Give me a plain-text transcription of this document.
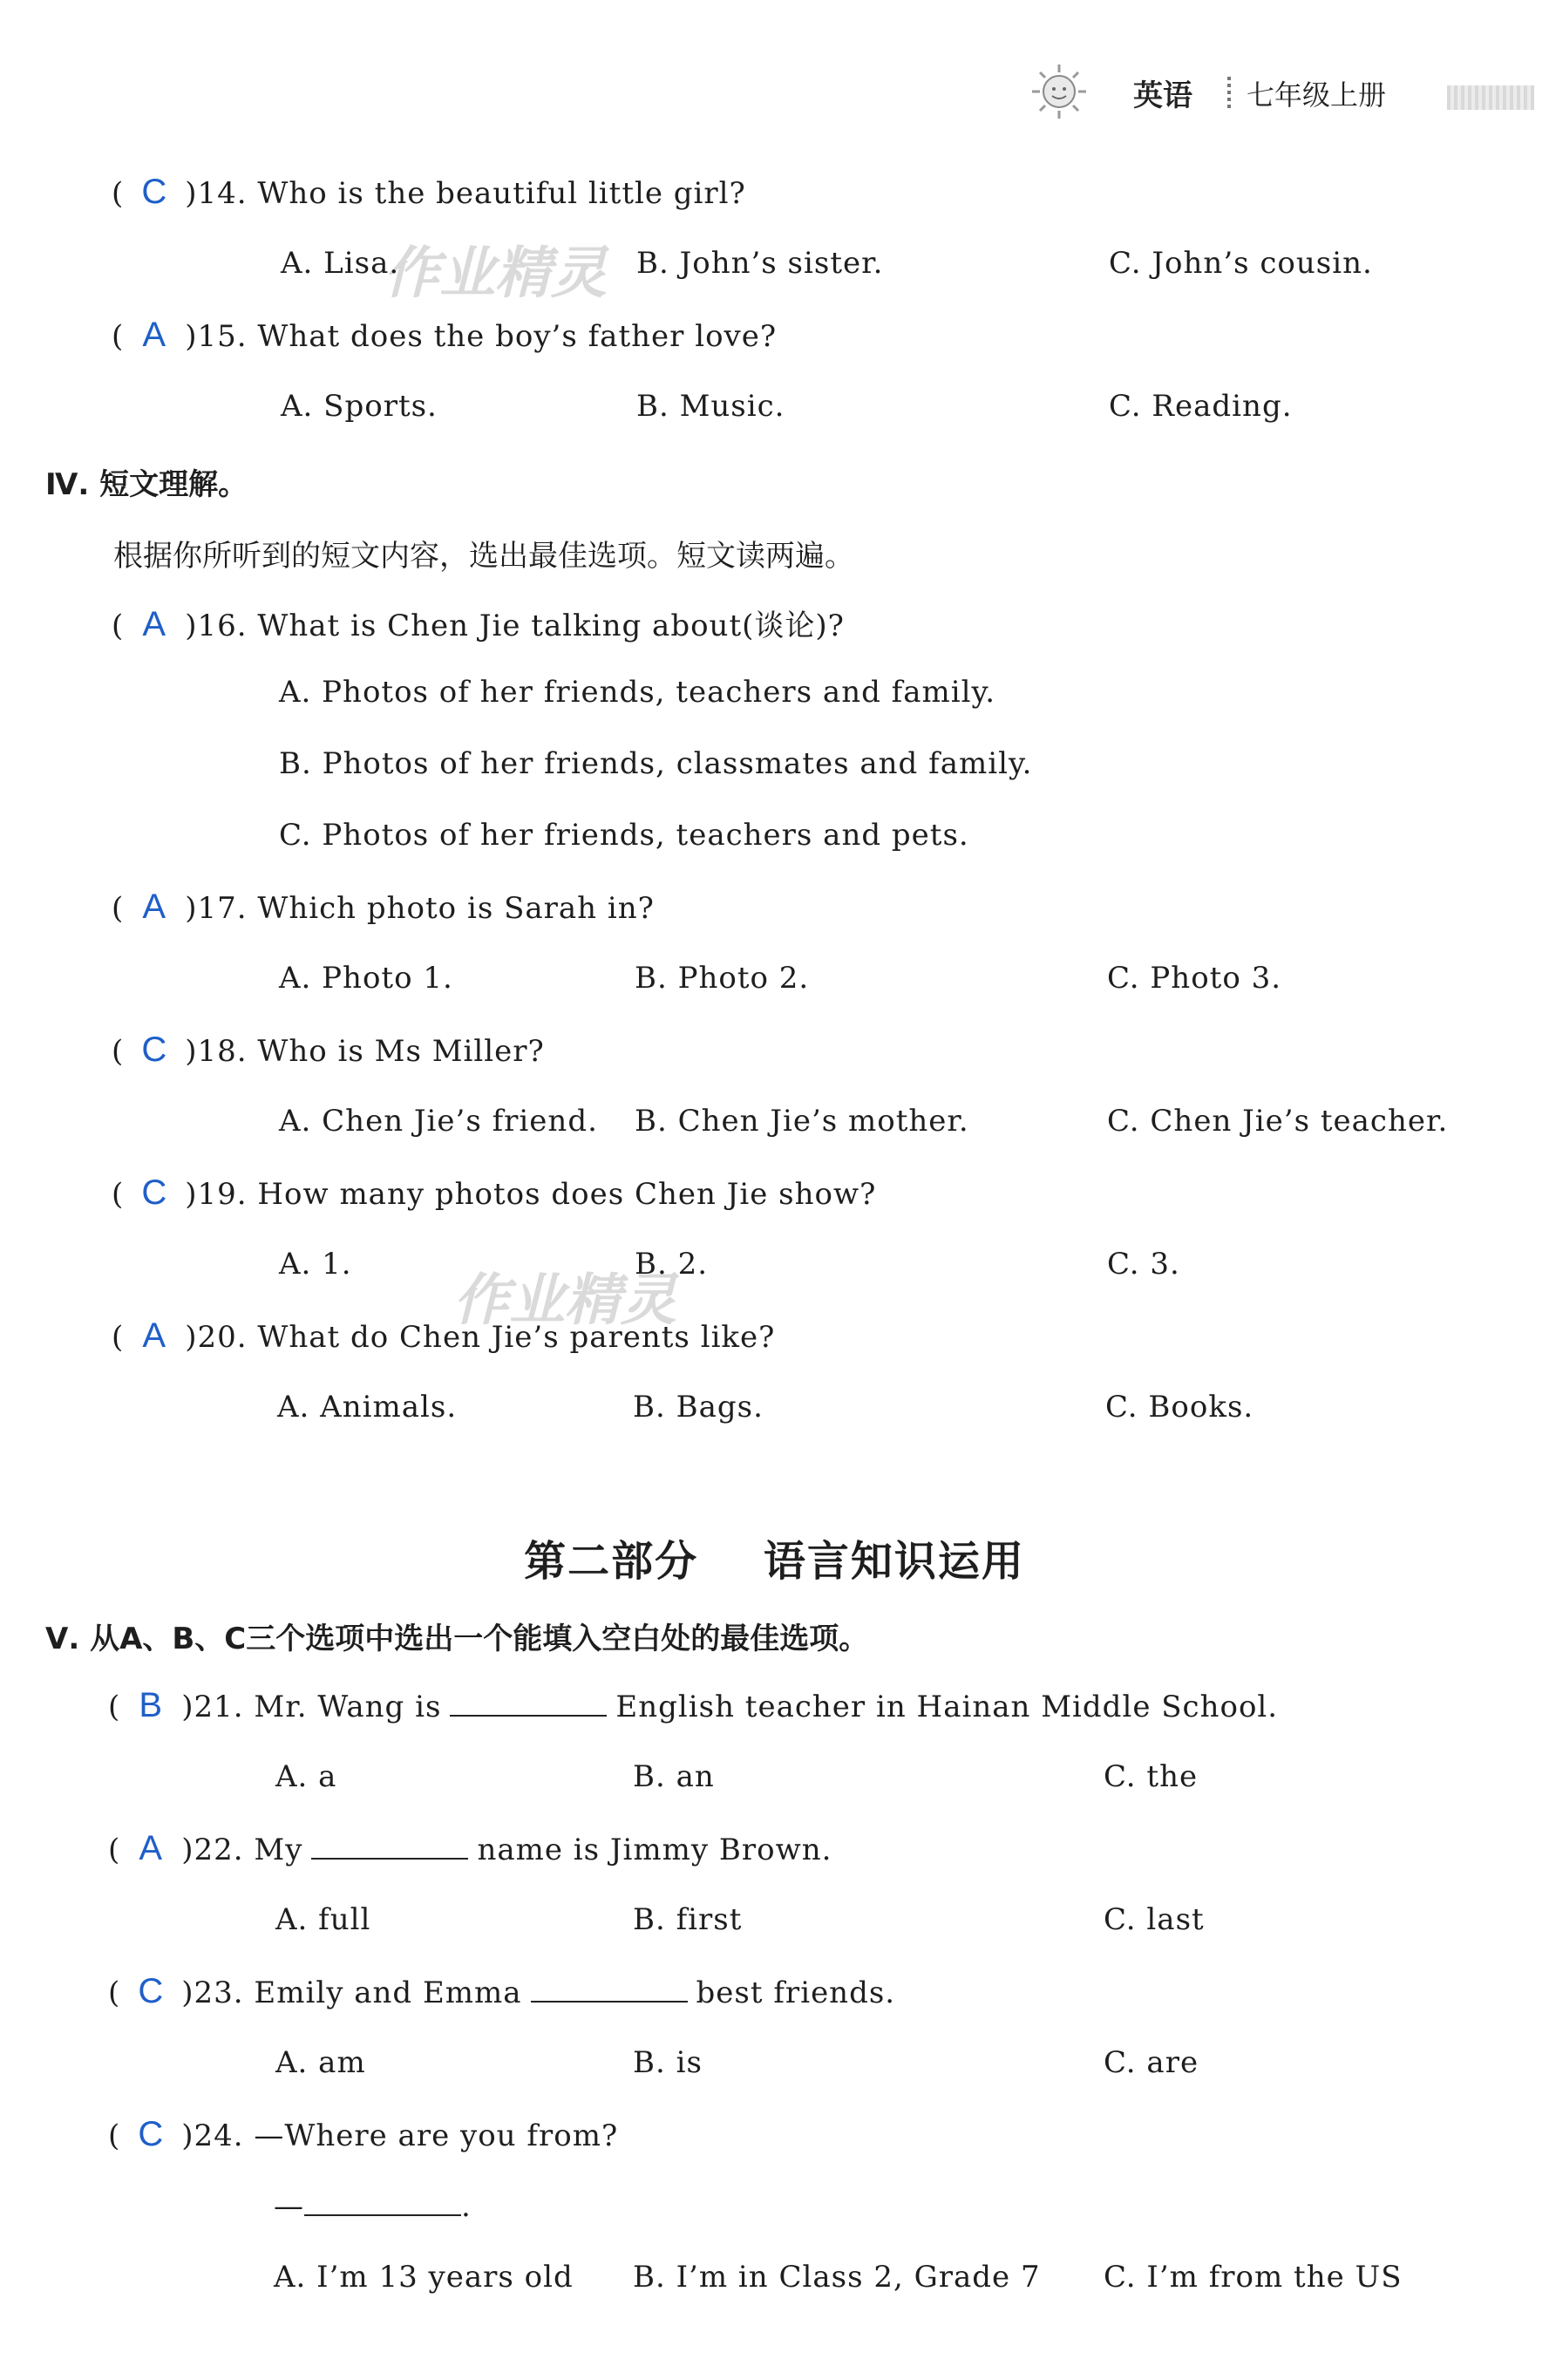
英语 七年级上册
作业精灵
作业精灵
( C )14. Who is the beautiful little girl?
A. Lisa.	B. John’s sister.	C. John’s cousin.
( A )15. What does the boy’s father love?
A. Sports.	B. Music.	C. Reading.
Ⅳ. 短文理解。
根据你所听到的短文内容，选出最佳选项。短文读两遍。
( A )16. What is Chen Jie talking about(谈论)?
A. Photos of her friends, teachers and family.
B. Photos of her friends, classmates and family.
C. Photos of her friends, teachers and pets.
( A )17. Which photo is Sarah in?
A. Photo 1.	B. Photo 2.	C. Photo 3.
( C )18. Who is Ms Miller?
A. Chen Jie’s friend. B. Chen Jie’s mother.	C. Chen Jie’s teacher.
( C )19. How many photos does Chen Jie show?
A. 1.	B. 2.	C. 3.
( A )20. What do Chen Jie’s parents like?
A. Animals.	B. Bags.	C. Books.
第二部分    语言知识运用
Ⅴ. 从A、B、C三个选项中选出一个能填入空白处的最佳选项。
( B )21. Mr. Wang is	English teacher in Hainan Middle School.
A. a	B. an	C. the
( A )22. My	name is Jimmy Brown.
A. full	B. first	C. last
( C )23. Emily and Emma	best friends.
A. am	B. is	C. are
( C )24. —Where are you from?
—	.
A. I’m 13 years old B. I’m in Class 2, Grade 7 C. I’m from the US
